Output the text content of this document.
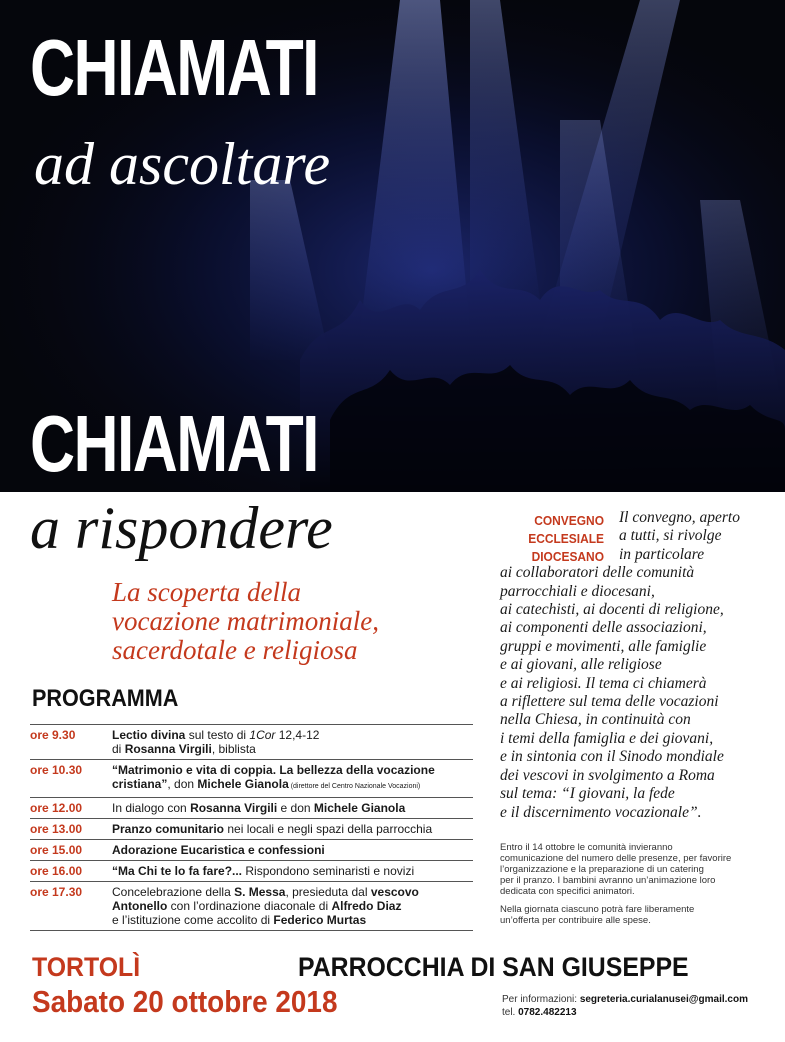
CHIAMATI
ad ascoltare
CHIAMATI
a rispondere
La scoperta della
vocazione matrimoniale,
sacerdotale e religiosa
PROGRAMMA
ore 9.30	Lectio divina sul testo di 1Cor 12,4-12
di Rosanna Virgili, biblista
ore 10.30	“Matrimonio e vita di coppia. La bellezza della vocazione cristiana”, don Michele Gianola (direttore del Centro Nazionale Vocazioni)
ore 12.00	In dialogo con Rosanna Virgili e don Michele Gianola
ore 13.00	Pranzo comunitario nei locali e negli spazi della parrocchia
ore 15.00	Adorazione Eucaristica e confessioni
ore 16.00	“Ma Chi te lo fa fare?... Rispondono seminaristi e novizi
ore 17.30	Concelebrazione della S. Messa, presieduta dal vescovo Antonello con l’ordinazione diaconale di Alfredo Diaz
e l’istituzione come accolito di Federico Murtas
CONVEGNO
ECCLESIALE
DIOCESANO
Il convegno, aperto
a tutti, si rivolge
in particolare
ai collaboratori delle comunità
parrocchiali e diocesani,
ai catechisti, ai docenti di religione,
ai componenti delle associazioni,
gruppi e movimenti, alle famiglie
e ai giovani, alle religiose
e ai religiosi. Il tema ci chiamerà
a riflettere sul tema delle vocazioni
nella Chiesa, in continuità con
i temi della famiglia e dei giovani,
e in sintonia con il Sinodo mondiale
dei vescovi in svolgimento a Roma
sul tema: “I giovani, la fede
e il discernimento vocazionale”.
Entro il 14 ottobre le comunità invieranno
comunicazione del numero delle presenze, per favorire
l’organizzazione e la preparazione di un catering
per il pranzo. I bambini avranno un’animazione loro
dedicata con specifici animatori.
Nella giornata ciascuno potrà fare liberamente
un’offerta per contribuire alle spese.
TORTOLÌ
Sabato 20 ottobre 2018
PARROCCHIA DI SAN GIUSEPPE
Per informazioni: segreteria.curialanusei@gmail.com
tel. 0782.482213
